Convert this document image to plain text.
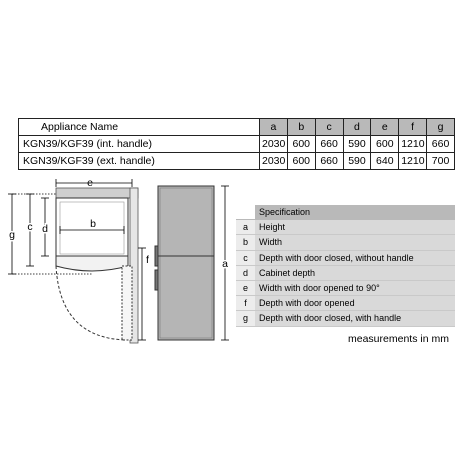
Appliance Name	a	b	c	d	e	f	g
KGN39/KGF39 (int. handle)	2030	600	660	590	600	1210	660
KGN39/KGF39 (ext. handle)	2030	600	660	590	640	1210	700
e
b
d
c
g
f	a
	Specification
a	Height
b	Width
c	Depth with door closed, without handle
d	Cabinet depth
e	Width with door opened to 90°
f	Depth with door opened
g	Depth with door closed, with handle
measurements in mm
